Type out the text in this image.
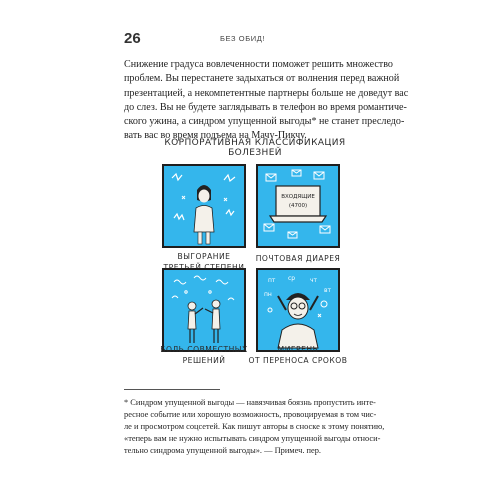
26	БЕЗ ОБИД!

Снижение градуса вовлеченности поможет решить множество
проблем. Вы перестанете задыхаться от волнения перед важной
презентацией, а некомпетентные партнеры больше не доведут вас
до слез. Вы не будете заглядывать в телефон во время романтиче-
ского ужина, а синдром упущенной выгоды* не станет преследо-
вать вас во время подъема на Мачу-Пикчу.

КОРПОРАТИВНАЯ КЛАССИФИКАЦИЯ БОЛЕЗНЕЙ
ВЫГОРАНИЕ
ВХОДЯЩИЕ
(4700)
ПОЧТОВАЯ ДИАРЕЯ
БОЛЬ СОВМЕСТНЫХ
РЕШЕНИЙ
пт ср чт
вт
пн
МИГРЕНЬ
ОТ ПЕРЕНОСА СРОКОВ

* Синдром упущенной выгоды — навязчивая боязнь пропустить инте-
ресное событие или хорошую возможность, провоцируемая в том чис-
ле и просмотром соцсетей. Как пишут авторы в сноске к этому понятию,
«теперь вам не нужно испытывать синдром упущенной выгоды относи-
тельно синдрома упущенной выгоды». — Примеч. пер.
